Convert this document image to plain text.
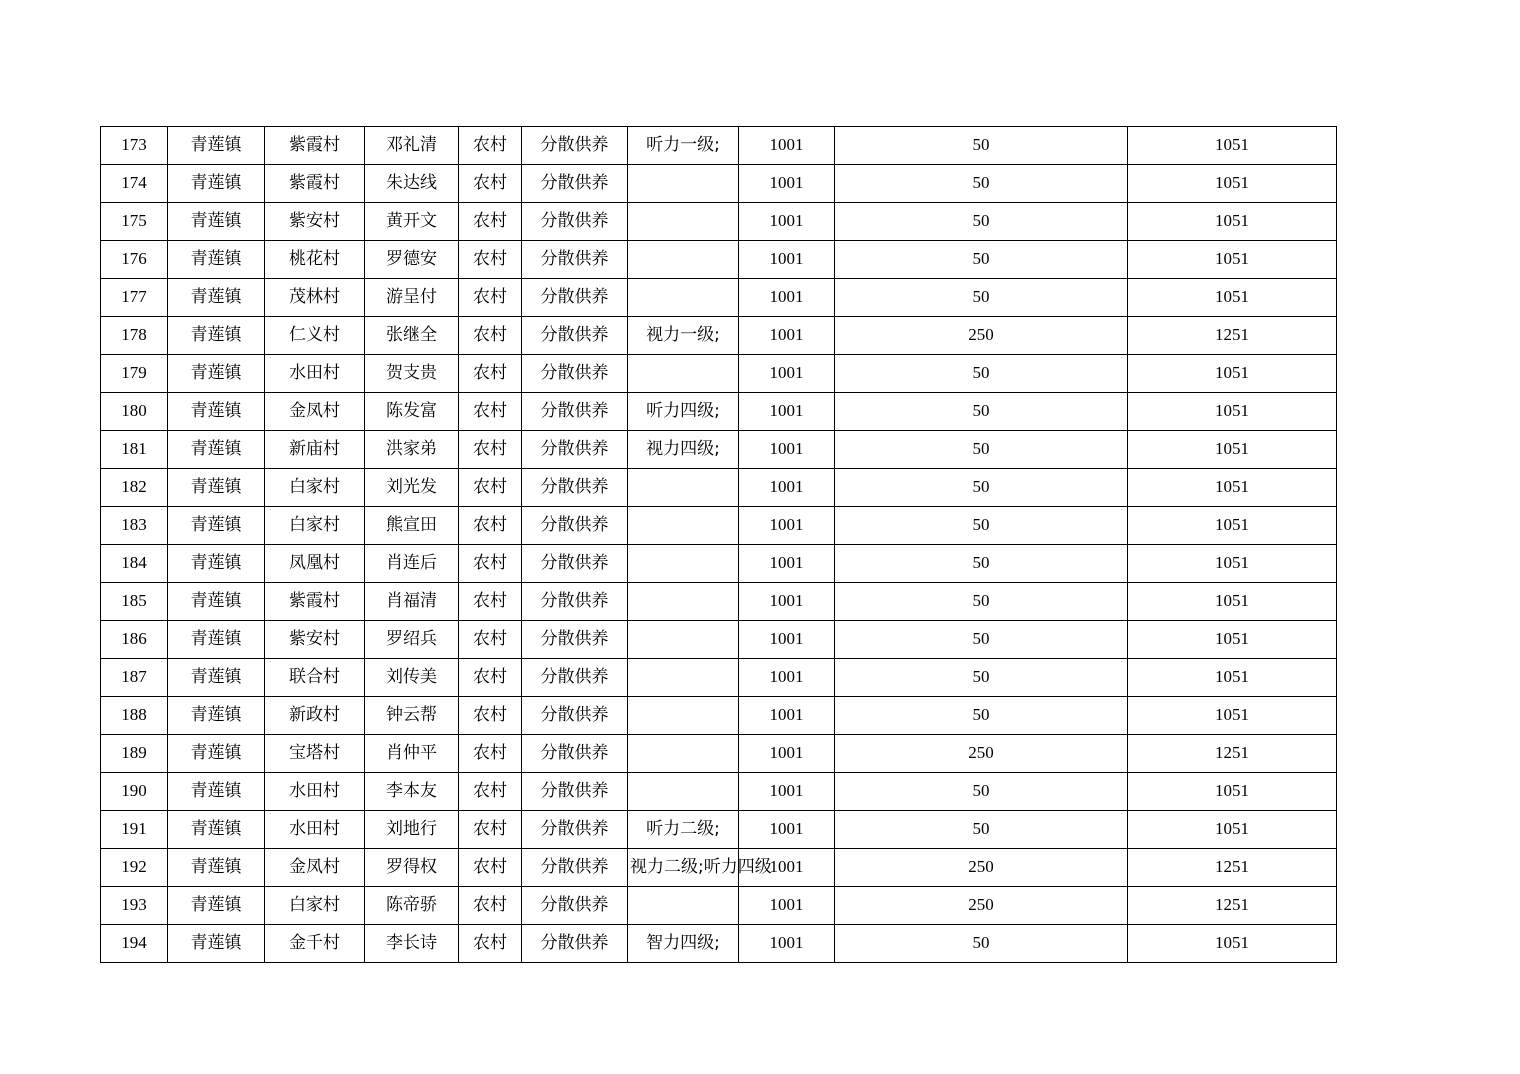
173	青莲镇	紫霞村	邓礼清	农村	分散供养	听力一级;	1001	50	1051
174	青莲镇	紫霞村	朱达线	农村	分散供养		1001	50	1051
175	青莲镇	紫安村	黄开文	农村	分散供养		1001	50	1051
176	青莲镇	桃花村	罗德安	农村	分散供养		1001	50	1051
177	青莲镇	茂林村	游呈付	农村	分散供养		1001	50	1051
178	青莲镇	仁义村	张继全	农村	分散供养	视力一级;	1001	250	1251
179	青莲镇	水田村	贺支贵	农村	分散供养		1001	50	1051
180	青莲镇	金凤村	陈发富	农村	分散供养	听力四级;	1001	50	1051
181	青莲镇	新庙村	洪家弟	农村	分散供养	视力四级;	1001	50	1051
182	青莲镇	白家村	刘光发	农村	分散供养		1001	50	1051
183	青莲镇	白家村	熊宣田	农村	分散供养		1001	50	1051
184	青莲镇	凤凰村	肖连后	农村	分散供养		1001	50	1051
185	青莲镇	紫霞村	肖福清	农村	分散供养		1001	50	1051
186	青莲镇	紫安村	罗绍兵	农村	分散供养		1001	50	1051
187	青莲镇	联合村	刘传美	农村	分散供养		1001	50	1051
188	青莲镇	新政村	钟云帮	农村	分散供养		1001	50	1051
189	青莲镇	宝塔村	肖仲平	农村	分散供养		1001	250	1251
190	青莲镇	水田村	李本友	农村	分散供养		1001	50	1051
191	青莲镇	水田村	刘地行	农村	分散供养	听力二级;	1001	50	1051
192	青莲镇	金凤村	罗得权	农村	分散供养	视力二级;听力四级	1001	250	1251
193	青莲镇	白家村	陈帝骄	农村	分散供养		1001	250	1251
194	青莲镇	金千村	李长诗	农村	分散供养	智力四级;	1001	50	1051
